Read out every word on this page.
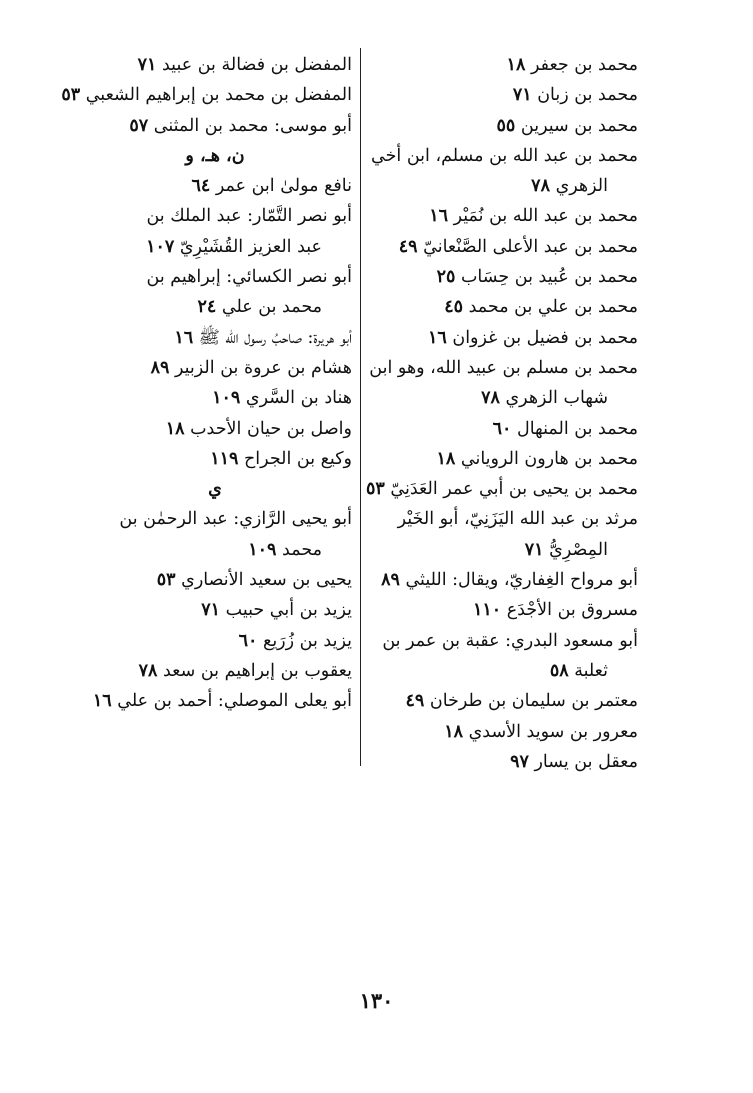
محمد بن جعفر ١٨
محمد بن زبان ٧١
محمد بن سيرين ٥٥
محمد بن عبد الله بن مسلم، ابن أخي
الزهري ٧٨
محمد بن عبد الله بن نُمَيْر ١٦
محمد بن عبد الأعلى الصَّنْعانيّ ٤٩
محمد بن عُبيد بن حِسَاب ٢٥
محمد بن علي بن محمد ٤٥
محمد بن فضيل بن غزوان ١٦
محمد بن مسلم بن عبيد الله، وهو ابن
شهاب الزهري ٧٨
محمد بن المنهال ٦٠
محمد بن هارون الروياني ١٨
محمد بن يحيى بن أبي عمر العَدَنِيّ ٥٣
مرثد بن عبد الله اليَزَنِيّ، أبو الخَيْر
المِصْرِيُّ ٧١
أبو مرواح الغِفاريّ، ويقال: الليثي ٨٩
مسروق بن الأجْدَع ١١٠
أبو مسعود البدري: عقبة بن عمر بن
ثعلبة ٥٨
معتمر بن سليمان بن طرخان ٤٩
معرور بن سويد الأسدي ١٨
معقل بن يسار ٩٧
المفضل بن فضالة بن عبيد ٧١
المفضل بن محمد بن إبراهيم الشعبي ٥٣
أبو موسى: محمد بن المثنى ٥٧
ن، هـ، و
نافع مولىٰ ابن عمر ٦٤
أبو نصر التَّمّار: عبد الملك بن
عبد العزيز القُشَيْرِيّ ١٠٧
أبو نصر الكسائي: إبراهيم بن
محمد بن علي ٢٤
أبو هريرة: صاحبُ رسول الله ﷺ ١٦
هشام بن عروة بن الزبير ٨٩
هناد بن السَّري ١٠٩
واصل بن حيان الأحدب ١٨
وكيع بن الجراح ١١٩
ي
أبو يحيى الرَّازي: عبد الرحمٰن بن
محمد ١٠٩
يحيى بن سعيد الأنصاري ٥٣
يزيد بن أبي حبيب ٧١
يزيد بن زُرَيع ٦٠
يعقوب بن إبراهيم بن سعد ٧٨
أبو يعلى الموصلي: أحمد بن علي ١٦
١٣٠
